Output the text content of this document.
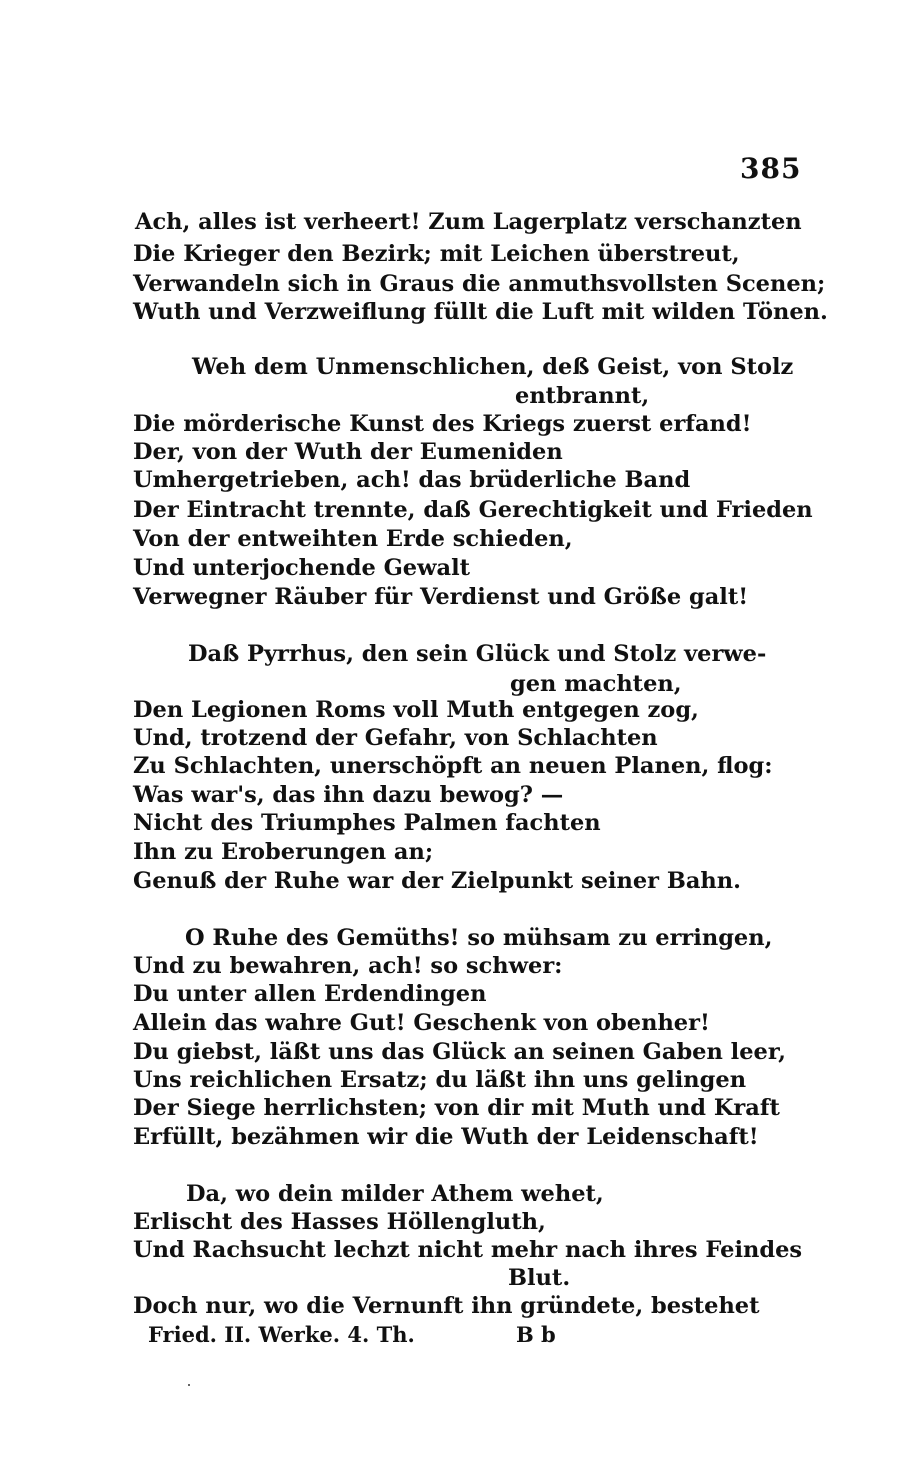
385
Ach, alles ist verheert! Zum Lagerplatz verschanzten
Die Krieger den Bezirk; mit Leichen überstreut,
Verwandeln sich in Graus die anmuthsvollsten Scenen;
Wuth und Verzweiflung füllt die Luft mit wilden Tönen.
Weh dem Unmenschlichen, deß Geist, von Stolz
entbrannt,
Die mörderische Kunst des Kriegs zuerst erfand!
Der, von der Wuth der Eumeniden
Umhergetrieben, ach! das brüderliche Band
Der Eintracht trennte, daß Gerechtigkeit und Frieden
Von der entweihten Erde schieden,
Und unterjochende Gewalt
Verwegner Räuber für Verdienst und Größe galt!
Daß Pyrrhus, den sein Glück und Stolz verwe-
gen machten,
Den Legionen Roms voll Muth entgegen zog,
Und, trotzend der Gefahr, von Schlachten
Zu Schlachten, unerschöpft an neuen Planen, flog:
Was war's, das ihn dazu bewog? —
Nicht des Triumphes Palmen fachten
Ihn zu Eroberungen an;
Genuß der Ruhe war der Zielpunkt seiner Bahn.
O Ruhe des Gemüths! so mühsam zu erringen,
Und zu bewahren, ach! so schwer:
Du unter allen Erdendingen
Allein das wahre Gut! Geschenk von obenher!
Du giebst, läßt uns das Glück an seinen Gaben leer,
Uns reichlichen Ersatz; du läßt ihn uns gelingen
Der Siege herrlichsten; von dir mit Muth und Kraft
Erfüllt, bezähmen wir die Wuth der Leidenschaft!
Da, wo dein milder Athem wehet,
Erlischt des Hasses Höllengluth,
Und Rachsucht lechzt nicht mehr nach ihres Feindes
Blut.
Doch nur, wo die Vernunft ihn gründete, bestehet
Fried. II. Werke. 4. Th.	B b
